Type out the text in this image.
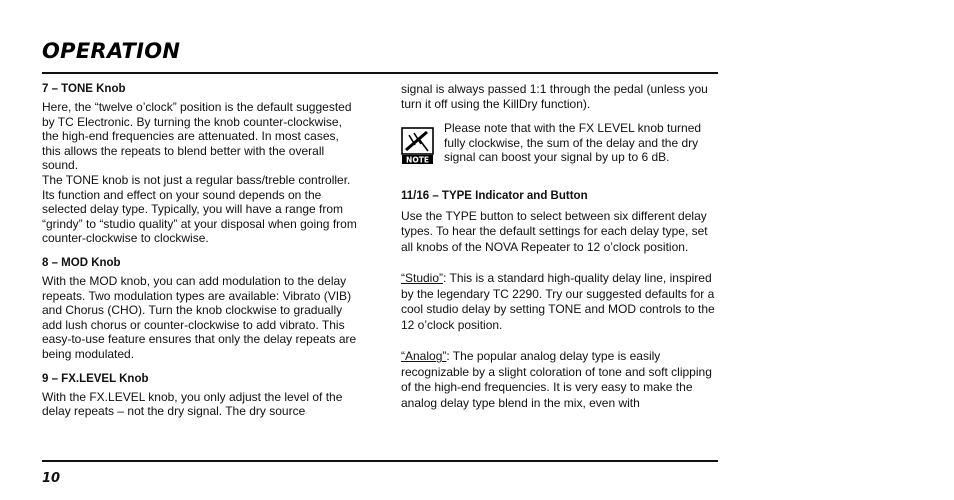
OPERATION
7 – TONE Knob

Here, the “twelve o’clock” position is the default suggested by TC Electronic. By turning the knob counter-clockwise, the high-end frequencies are attenuated. In most cases, this allows the repeats to blend better with the overall sound.

The TONE knob is not just a regular bass/treble controller. Its function and effect on your sound depends on the selected delay type. Typically, you will have a range from “grindy” to “studio quality” at your disposal when going from counter-clockwise to clockwise.

8 – MOD Knob

With the MOD knob, you can add modulation to the delay repeats. Two modulation types are available: Vibrato (VIB) and Chorus (CHO). Turn the knob clockwise to gradually add lush chorus or counter-clockwise to add vibrato. This easy-to-use feature ensures that only the delay repeats are being modulated.

9 – FX.LEVEL Knob

With the FX.LEVEL knob, you only adjust the level of the delay repeats – not the dry signal. The dry source

signal is always passed 1:1 through the pedal (unless you turn it off using the KillDry function).

NOTE

Please note that with the FX LEVEL knob turned fully clockwise, the sum of the delay and the dry signal can boost your signal by up to 6 dB.

11/16 – TYPE Indicator and Button

Use the TYPE button to select between six different delay types. To hear the default settings for each delay type, set all knobs of the NOVA Repeater to 12 o’clock position.

“Studio”: This is a standard high-quality delay line, inspired by the legendary TC 2290. Try our suggested defaults for a cool studio delay by setting TONE and MOD controls to the 12 o’clock position.

“Analog”: The popular analog delay type is easily recognizable by a slight coloration of tone and soft clipping of the high-end frequencies. It is very easy to make the analog delay type blend in the mix, even with

10
